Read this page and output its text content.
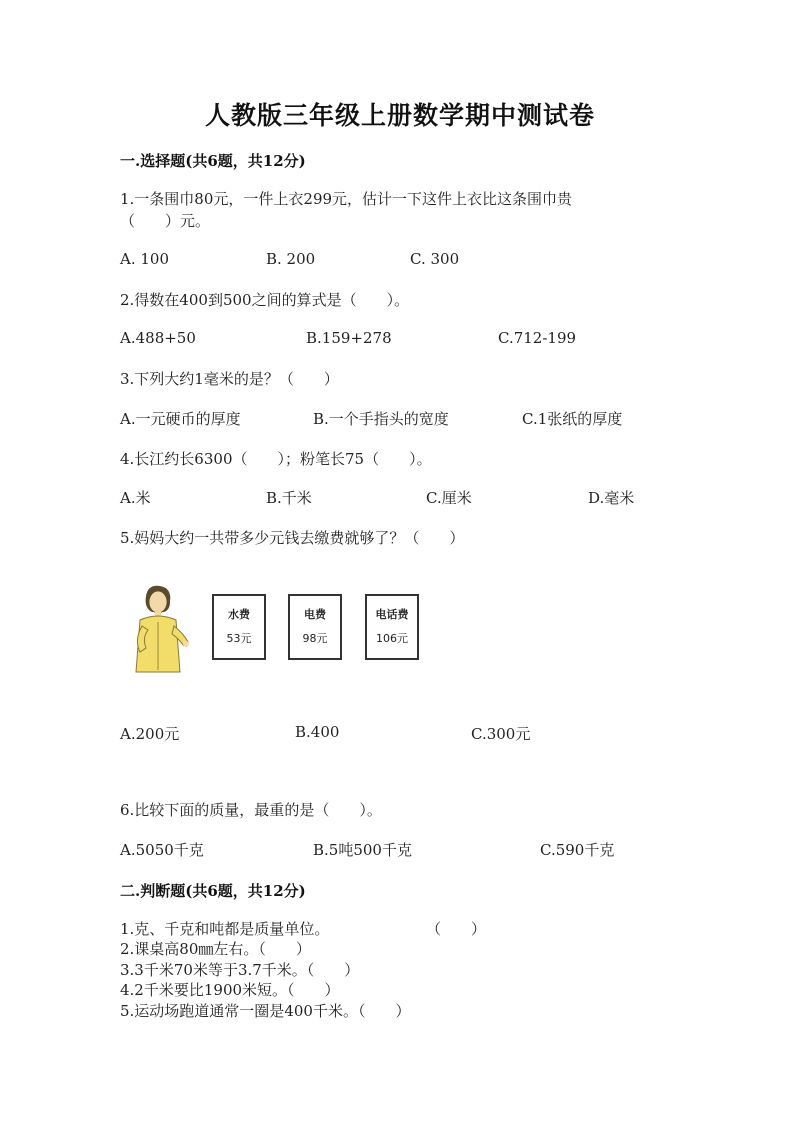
人教版三年级上册数学期中测试卷
一.选择题(共6题，共12分)
1.一条围巾80元，一件上衣299元，估计一下这件上衣比这条围巾贵
（　　）元。
A. 100	B. 200	C. 300
2.得数在400到500之间的算式是（　　）。
A.488+50	B.159+278	C.712-199
3.下列大约1毫米的是？（　　）
A.一元硬币的厚度	B.一个手指头的宽度	C.1张纸的厚度
4.长江约长6300（　　）；粉笔长75（　　）。
A.米	B.千米	C.厘米	D.毫米
5.妈妈大约一共带多少元钱去缴费就够了？（　　）
水费
53元
电费
98元
电话费
106元
A.200元	B.400	C.300元
6.比较下面的质量，最重的是（　　）。
A.5050千克	B.5吨500千克	C.590千克
二.判断题(共6题，共12分)
1.克、千克和吨都是质量单位。	（　　）
2.课桌高80㎜左右。（　　）
3.3千米70米等于3.7千米。（　　）
4.2千米要比1900米短。（　　）
5.运动场跑道通常一圈是400千米。（　　）
